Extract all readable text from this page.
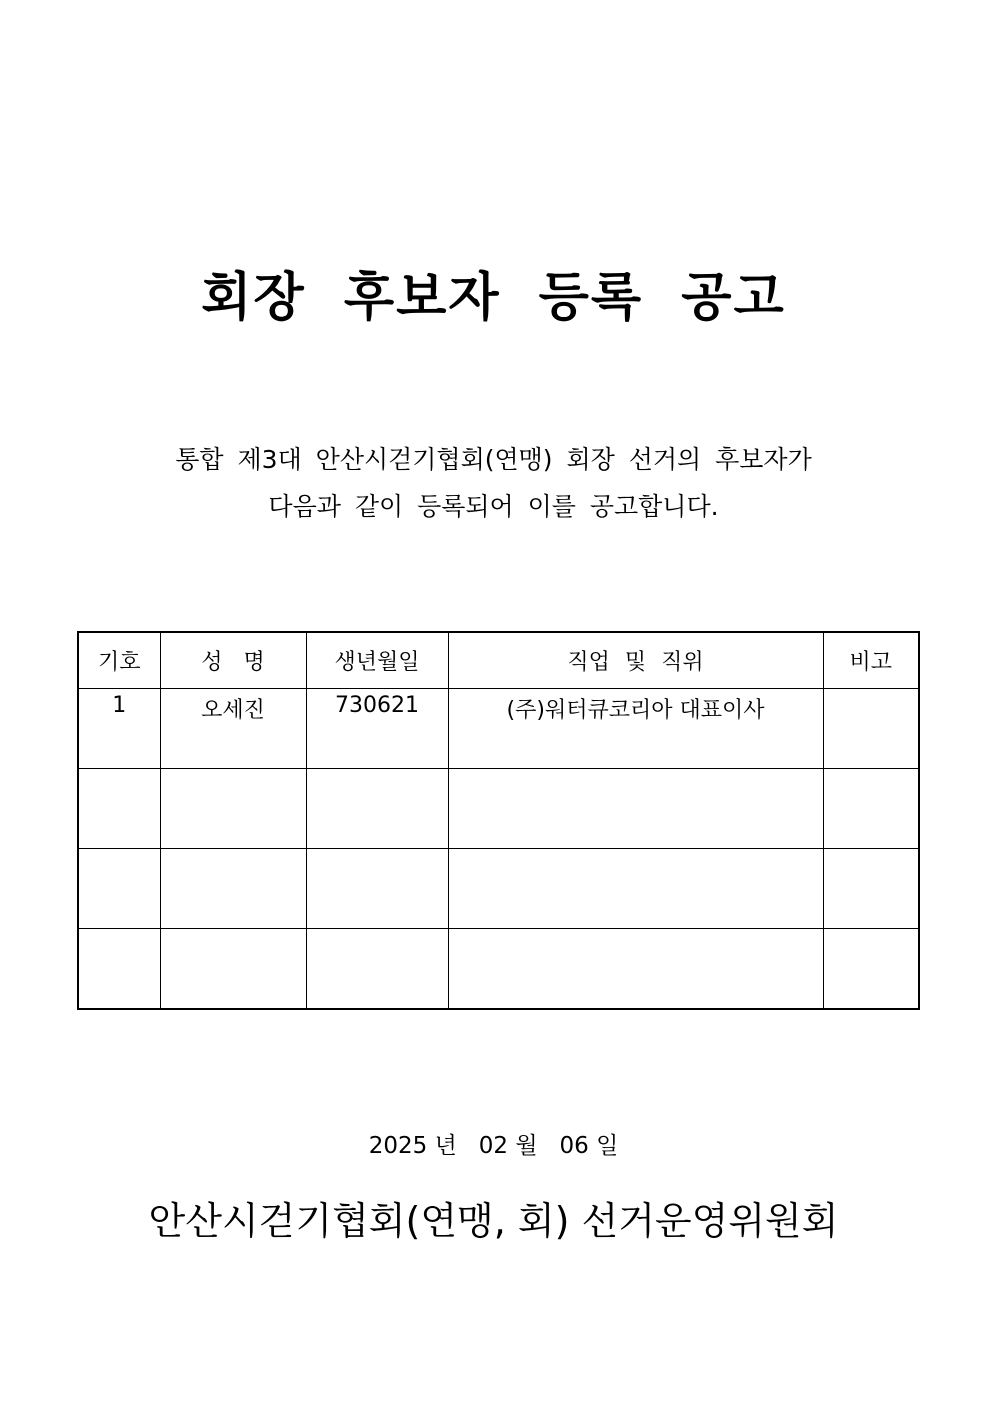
회장 후보자 등록 공고
통합 제3대 안산시걷기협회(연맹) 회장 선거의 후보자가
다음과 같이 등록되어 이를 공고합니다.
기호	성 명	생년월일	직업 및 직위	비고
1	오세진	730621	(주)워터큐코리아 대표이사	

2025 년 02 월 06 일
안산시걷기협회(연맹, 회) 선거운영위원회
